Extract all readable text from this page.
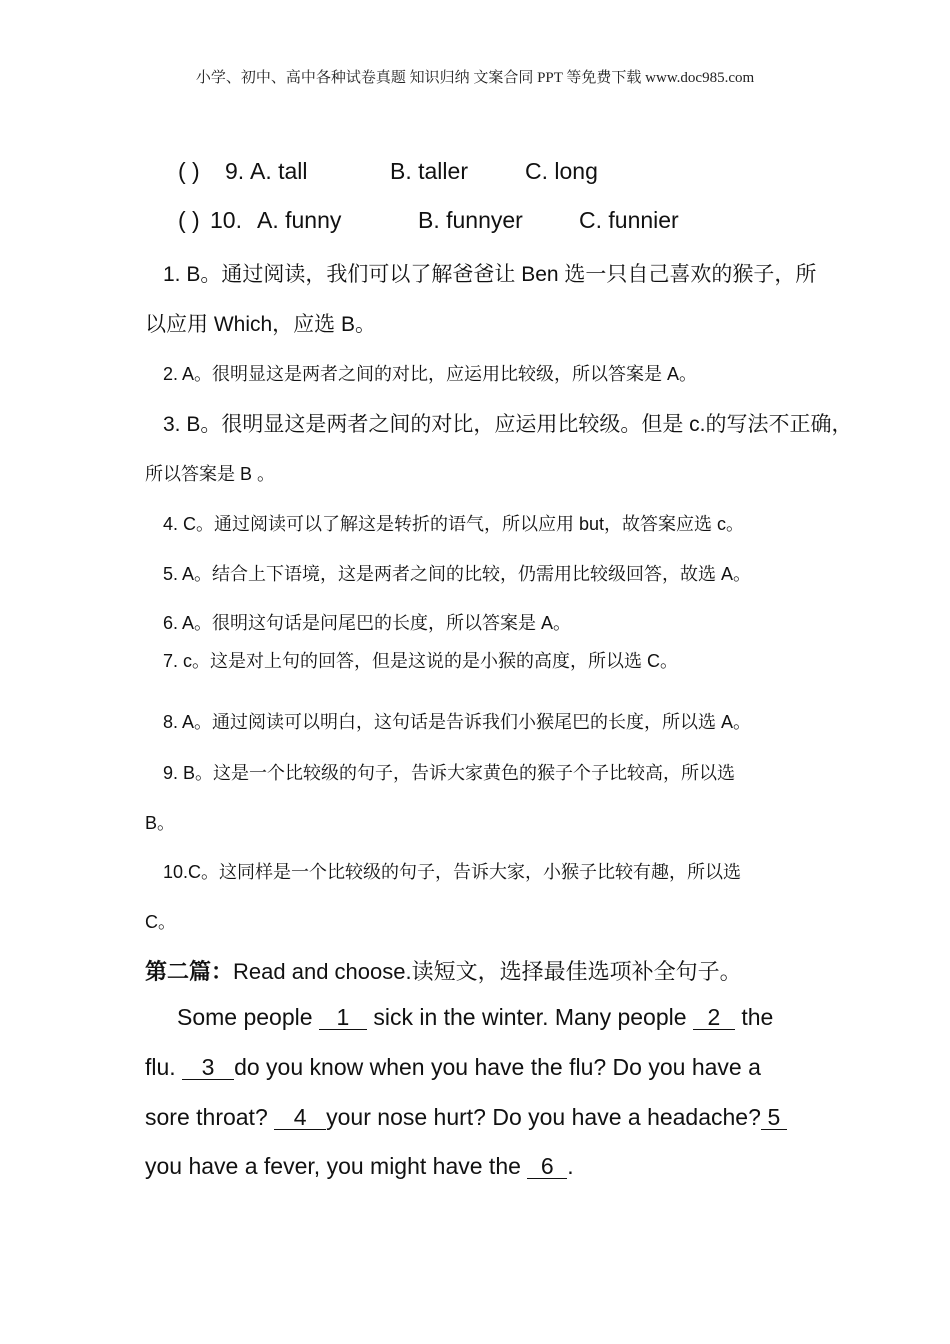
小学、初中、高中各种试卷真题 知识归纳 文案合同 PPT 等免费下载 www.doc985.com
( ) 9. A. tall	B. taller C. long
( ) 10. A. funny	B. funnyer C. funnier
1. B。通过阅读，我们可以了解爸爸让 Ben 选一只自己喜欢的猴子，所
以应用 Which，应选 B。
2. A。很明显这是两者之间的对比，应运用比较级，所以答案是 A。
3. B。很明显这是两者之间的对比，应运用比较级。但是 c.的写法不正确，
所以答案是 B 。
4. C。通过阅读可以了解这是转折的语气，所以应用 but，故答案应选 c。
5. A。结合上下语境，这是两者之间的比较，仍需用比较级回答，故选 A。
6. A。很明这句话是问尾巴的长度，所以答案是 A。
7. c。这是对上句的回答，但是这说的是小猴的高度，所以选 C。
8. A。通过阅读可以明白，这句话是告诉我们小猴尾巴的长度，所以选 A。
9. B。这是一个比较级的句子，告诉大家黄色的猴子个子比较高，所以选
B。
10.C。这同样是一个比较级的句子，告诉大家，小猴子比较有趣，所以选
C。
第二篇：Read and choose.读短文，选择最佳选项补全句子。
Some people 1 sick in the winter. Many people 2 the
flu. 3 do you know when you have the flu? Do you have a
sore throat? 4 your nose hurt? Do you have a headache? 5
you have a fever, you might have the 6 .
